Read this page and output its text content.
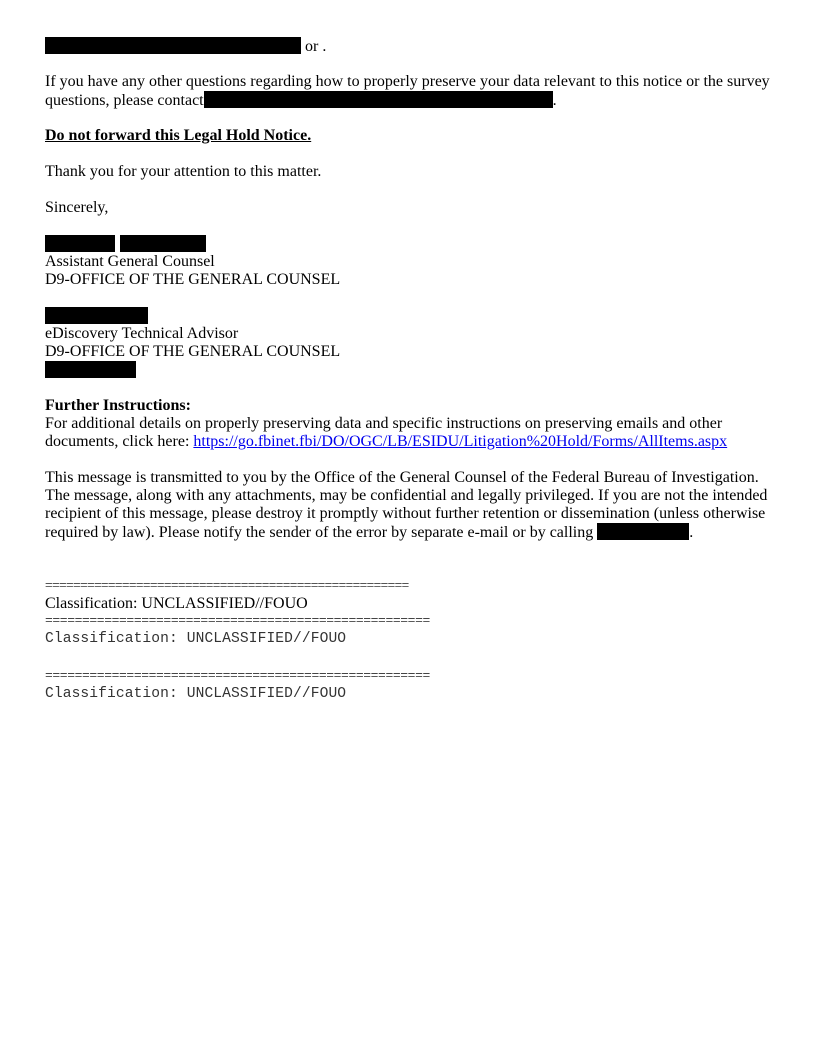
or .
If you have any other questions regarding how to properly preserve your data relevant to this notice or the survey
questions, please contact	.
Do not forward this Legal Hold Notice.
Thank you for your attention to this matter.
Sincerely,

Assistant General Counsel
D9-OFFICE OF THE GENERAL COUNSEL
eDiscovery Technical Advisor
D9-OFFICE OF THE GENERAL COUNSEL
Further Instructions:
For additional details on properly preserving data and specific instructions on preserving emails and other
documents, click here: https://go.fbinet.fbi/DO/OGC/LB/ESIDU/Litigation%20Hold/Forms/AllItems.aspx
This message is transmitted to you by the Office of the General Counsel of the Federal Bureau of Investigation.
The message, along with any attachments, may be confidential and legally privileged. If you are not the intended
recipient of this message, please destroy it promptly without further retention or dissemination (unless otherwise
required by law). Please notify the sender of the error by separate e-mail or by calling	.
====================================================
Classification: UNCLASSIFIED//FOUO
====================================================
Classification: UNCLASSIFIED//FOUO
====================================================
Classification: UNCLASSIFIED//FOUO
